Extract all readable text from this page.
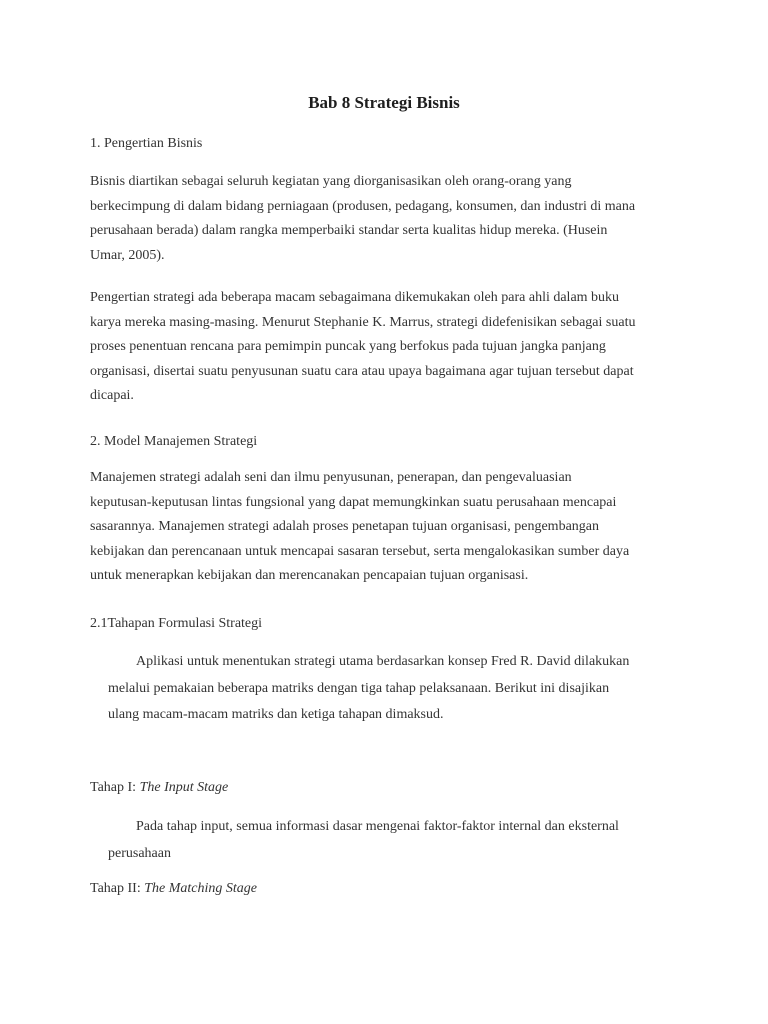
Bab 8 Strategi Bisnis
1. Pengertian Bisnis
Bisnis diartikan sebagai seluruh kegiatan yang diorganisasikan oleh orang-orang yang
berkecimpung di dalam bidang perniagaan (produsen, pedagang, konsumen, dan industri di mana
perusahaan berada) dalam rangka memperbaiki standar serta kualitas hidup mereka. (Husein
Umar, 2005).
Pengertian strategi ada beberapa macam sebagaimana dikemukakan oleh para ahli dalam buku
karya mereka masing-masing. Menurut Stephanie K. Marrus, strategi didefenisikan sebagai suatu
proses penentuan rencana para pemimpin puncak yang berfokus pada tujuan jangka panjang
organisasi, disertai suatu penyusunan suatu cara atau upaya bagaimana agar tujuan tersebut dapat
dicapai.
2. Model Manajemen Strategi
Manajemen strategi adalah seni dan ilmu penyusunan, penerapan, dan pengevaluasian
keputusan-keputusan lintas fungsional yang dapat memungkinkan suatu perusahaan mencapai
sasarannya. Manajemen strategi adalah proses penetapan tujuan organisasi, pengembangan
kebijakan dan perencanaan untuk mencapai sasaran tersebut, serta mengalokasikan sumber daya
untuk menerapkan kebijakan dan merencanakan pencapaian tujuan organisasi.
2.1Tahapan Formulasi Strategi
Aplikasi untuk menentukan strategi utama berdasarkan konsep Fred R. David dilakukan
melalui pemakaian beberapa matriks dengan tiga tahap pelaksanaan. Berikut ini disajikan
ulang macam-macam matriks dan ketiga tahapan dimaksud.
Tahap I: The Input Stage
Pada tahap input, semua informasi dasar mengenai faktor-faktor internal dan eksternal
perusahaan
Tahap II: The Matching Stage
